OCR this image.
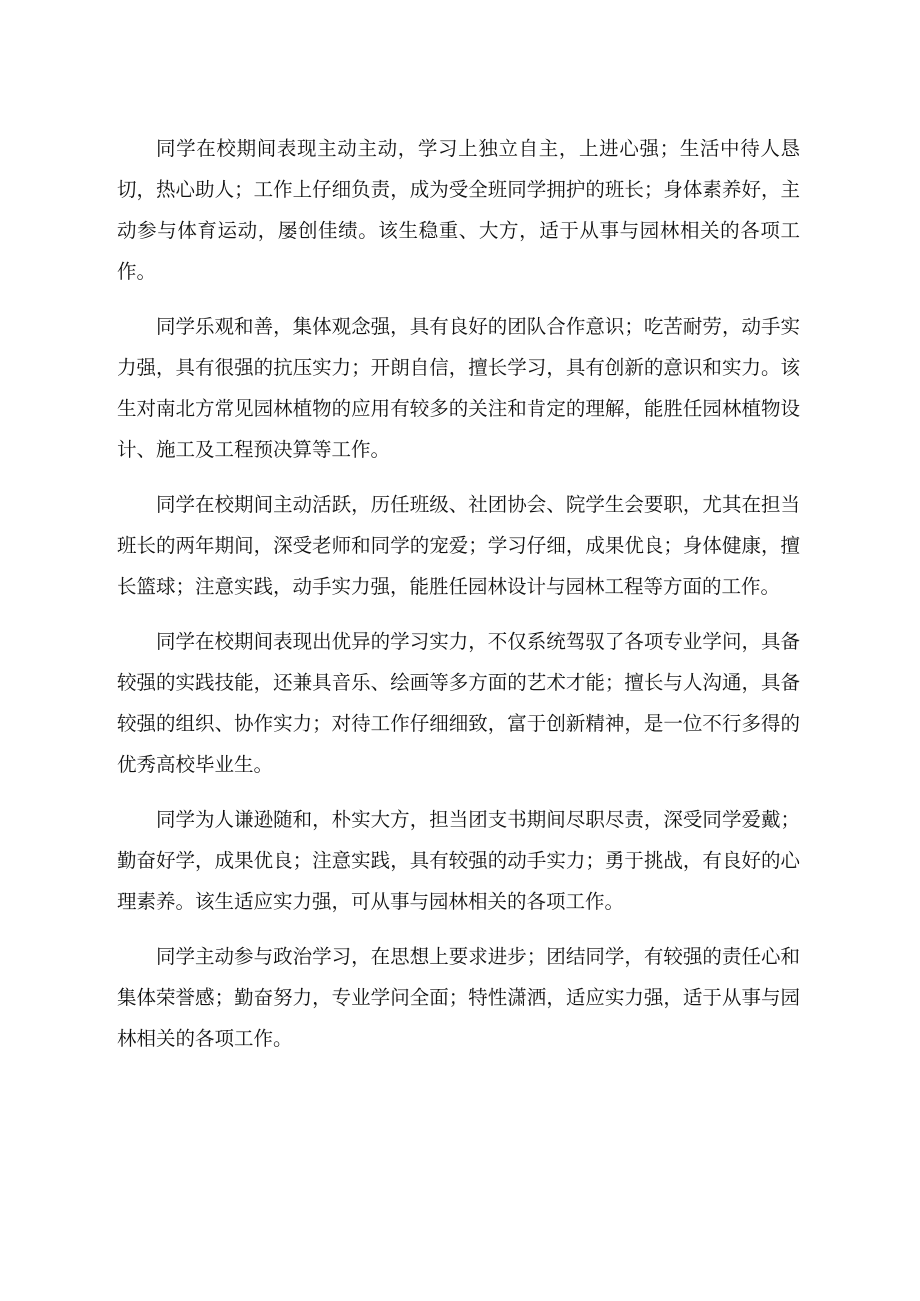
同学在校期间表现主动主动，学习上独立自主，上进心强；生活中待人恳切，热心助人；工作上仔细负责，成为受全班同学拥护的班长；身体素养好，主动参与体育运动，屡创佳绩。该生稳重、大方，适于从事与园林相关的各项工作。

同学乐观和善，集体观念强，具有良好的团队合作意识；吃苦耐劳，动手实力强，具有很强的抗压实力；开朗自信，擅长学习，具有创新的意识和实力。该生对南北方常见园林植物的应用有较多的关注和肯定的理解，能胜任园林植物设计、施工及工程预决算等工作。

同学在校期间主动活跃，历任班级、社团协会、院学生会要职，尤其在担当班长的两年期间，深受老师和同学的宠爱；学习仔细，成果优良；身体健康，擅长篮球；注意实践，动手实力强，能胜任园林设计与园林工程等方面的工作。

同学在校期间表现出优异的学习实力，不仅系统驾驭了各项专业学问，具备较强的实践技能，还兼具音乐、绘画等多方面的艺术才能；擅长与人沟通，具备较强的组织、协作实力；对待工作仔细细致，富于创新精神，是一位不行多得的优秀高校毕业生。

同学为人谦逊随和，朴实大方，担当团支书期间尽职尽责，深受同学爱戴；勤奋好学，成果优良；注意实践，具有较强的动手实力；勇于挑战，有良好的心理素养。该生适应实力强，可从事与园林相关的各项工作。

同学主动参与政治学习，在思想上要求进步；团结同学，有较强的责任心和集体荣誉感；勤奋努力，专业学问全面；特性潇洒，适应实力强，适于从事与园林相关的各项工作。
